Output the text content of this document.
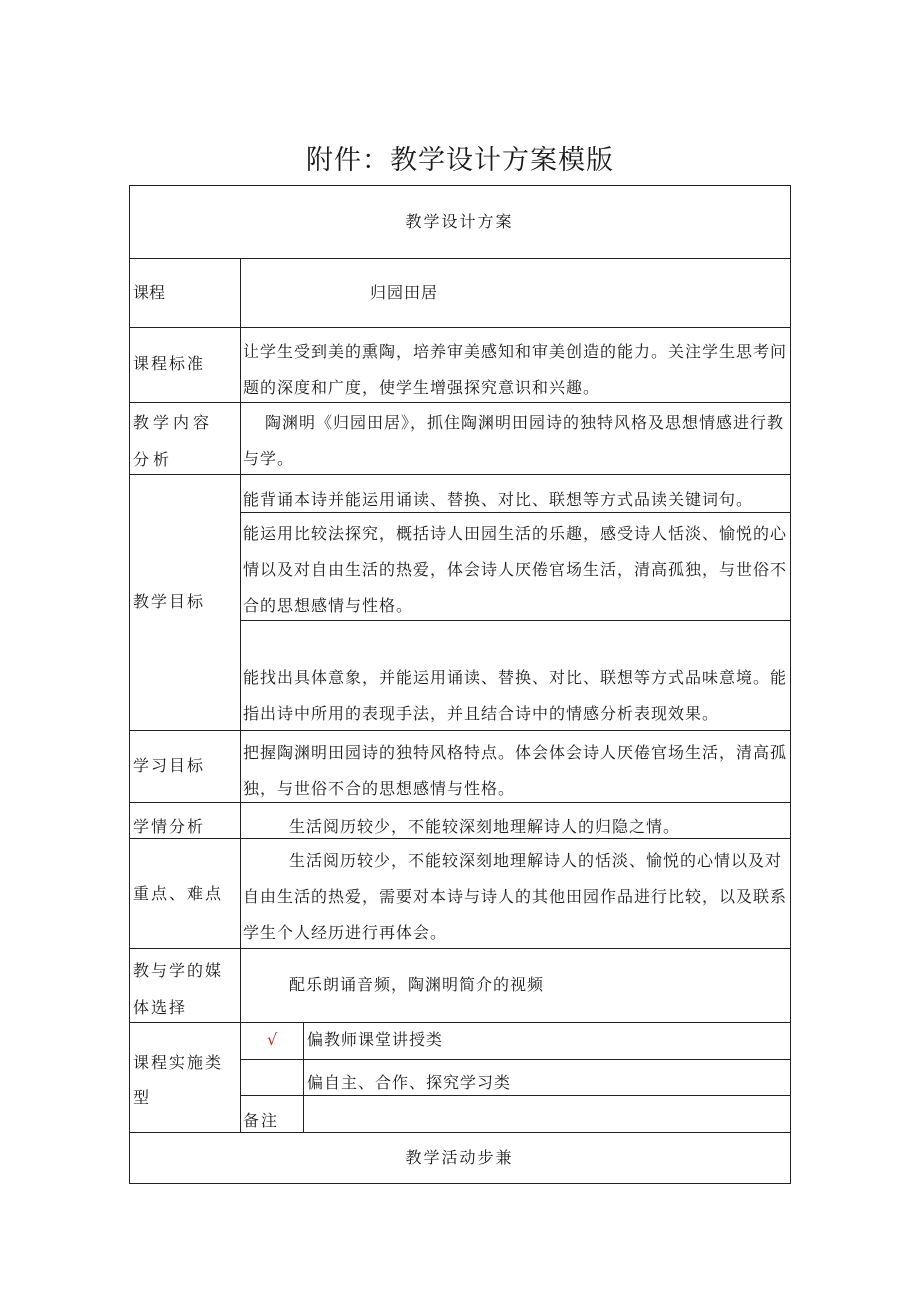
附件：教学设计方案模版
教学设计方案
课程	归园田居
课程标准
让学生受到美的熏陶，培养审美感知和审美创造的能力。关注学生思考问题的深度和广度，使学生增强探究意识和兴趣。
教学内容
分析
陶渊明《归园田居》，抓住陶渊明田园诗的独特风格及思想情感进行教与学。
教学目标
能背诵本诗并能运用诵读、替换、对比、联想等方式品读关键词句。
能运用比较法探究，概括诗人田园生活的乐趣，感受诗人恬淡、愉悦的心情以及对自由生活的热爱，体会诗人厌倦官场生活，清高孤独，与世俗不合的思想感情与性格。
能找出具体意象，并能运用诵读、替换、对比、联想等方式品味意境。能指出诗中所用的表现手法，并且结合诗中的情感分析表现效果。
学习目标
把握陶渊明田园诗的独特风格特点。体会体会诗人厌倦官场生活，清高孤独，与世俗不合的思想感情与性格。
学情分析	生活阅历较少，不能较深刻地理解诗人的归隐之情。
重点、难点
生活阅历较少，不能较深刻地理解诗人的恬淡、愉悦的心情以及对自由生活的热爱，需要对本诗与诗人的其他田园作品进行比较，以及联系学生个人经历进行再体会。
教与学的媒
体选择
配乐朗诵音频，陶渊明简介的视频
课程实施类
型
√ 偏教师课堂讲授类
偏自主、合作、探究学习类
备注
教学活动步兼
